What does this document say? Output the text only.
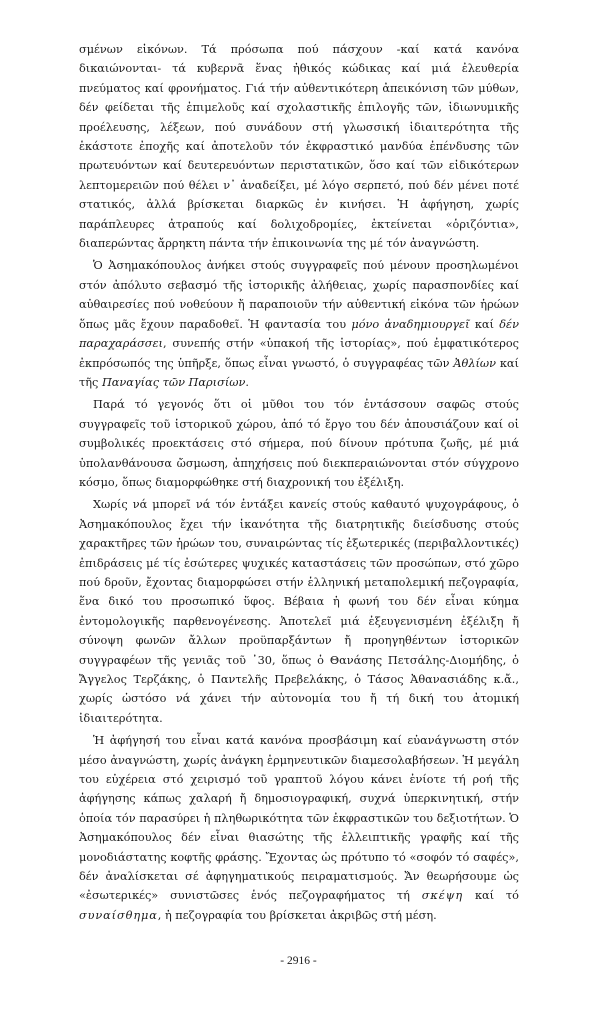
σμένων εἰκόνων. Τά πρόσωπα πού πάσχουν -καί κατά κανόνα δικαιώνονται- τά κυβερνᾶ ἕνας ἠθικός κώδικας καί μιά ἐλευθερία πνεύματος καί φρονήματος. Γιά τήν αὐθεντικότερη ἀπεικόνιση τῶν μύθων, δέν φείδεται τῆς ἐπιμελοῦς καί σχολαστικῆς ἐπιλογῆς τῶν, ἰδιωνυμικῆς προέλευσης, λέξεων, πού συνάδουν στή γλωσσική ἰδιαιτερότητα τῆς ἑκάστοτε ἐποχῆς καί ἀποτελοῦν τόν ἐκφραστικό μανδύα ἐπένδυσης τῶν πρωτευόντων καί δευτερευόντων περιστατικῶν, ὅσο καί τῶν εἰδικότερων λεπτομερειῶν πού θέλει ν᾿ ἀναδείξει, μέ λόγο σερπετό, πού δέν μένει ποτέ στατικός, ἀλλά βρίσκεται διαρκῶς ἐν κινήσει. Ἡ ἀφήγηση, χωρίς παράπλευρες ἀτραπούς καί δολιχοδρομίες, ἐκτείνεται «ὁριζόντια», διαπερώντας ἄρρηκτη πάντα τήν ἐπικοινωνία της μέ τόν ἀναγνώστη.

Ὁ Ἀσημακόπουλος ἀνήκει στούς συγγραφεῖς πού μένουν προσηλωμένοι στόν ἀπόλυτο σεβασμό τῆς ἱστορικῆς ἀλήθειας, χωρίς παρασπονδίες καί αὐθαιρεσίες πού νοθεύουν ἤ παραποιοῦν τήν αὐθεντική εἰκόνα τῶν ἡρώων ὅπως μᾶς ἔχουν παραδοθεῖ. Ἡ φαντασία του μόνο ἀναδημιουργεῖ καί δέν παραχαράσσει, συνεπής στήν «ὑπακοή τῆς ἱστορίας», πού ἐμφατικότερος ἐκπρόσωπός της ὑπῆρξε, ὅπως εἶναι γνωστό, ὁ συγγραφέας τῶν Ἀθλίων καί τῆς Παναγίας τῶν Παρισίων.

Παρά τό γεγονός ὅτι οἱ μῦθοι του τόν ἐντάσσουν σαφῶς στούς συγγραφεῖς τοῦ ἱστορικοῦ χώρου, ἀπό τό ἔργο του δέν ἀπουσιάζουν καί οἱ συμβολικές προεκτάσεις στό σήμερα, πού δίνουν πρότυπα ζωῆς, μέ μιά ὑπολανθάνουσα ὤσμωση, ἀπηχήσεις πού διεκπεραιώνονται στόν σύγχρονο κόσμο, ὅπως διαμορφώθηκε στή διαχρονική του ἐξέλιξη.

Χωρίς νά μπορεῖ νά τόν ἐντάξει κανείς στούς καθαυτό ψυχογράφους, ὁ Ἀσημακόπουλος ἔχει τήν ἱκανότητα τῆς διατρητικῆς διείσδυσης στούς χαρακτῆρες τῶν ἡρώων του, συναιρώντας τίς ἐξωτερικές (περιβαλλοντικές) ἐπιδράσεις μέ τίς ἐσώτερες ψυχικές καταστάσεις τῶν προσώπων, στό χῶρο πού δροῦν, ἔχοντας διαμορφώσει στήν ἑλληνική μεταπολεμική πεζογραφία, ἕνα δικό του προσωπικό ὕφος. Βέβαια ἡ φωνή του δέν εἶναι κύημα ἐντομολογικῆς παρθενογένεσης. Ἀποτελεῖ μιά ἐξευγενισμένη ἐξέλιξη ἤ σύνοψη φωνῶν ἄλλων προϋπαρξάντων ἤ προηγηθέντων ἱστορικῶν συγγραφέων τῆς γενιᾶς τοῦ ᾿30, ὅπως ὁ Θανάσης Πετσάλης-Διομήδης, ὁ Ἄγγελος Τερζάκης, ὁ Παντελῆς Πρεβελάκης, ὁ Τάσος Ἀθανασιάδης κ.ἄ., χωρίς ὡστόσο νά χάνει τήν αὐτονομία του ἤ τή δική του ἀτομική ἰδιαιτερότητα.

Ἡ ἀφήγησή του εἶναι κατά κανόνα προσβάσιμη καί εὐανάγνωστη στόν μέσο ἀναγνώστη, χωρίς ἀνάγκη ἑρμηνευτικῶν διαμεσολαβήσεων. Ἡ μεγάλη του εὐχέρεια στό χειρισμό τοῦ γραπτοῦ λόγου κάνει ἐνίοτε τή ροή τῆς ἀφήγησης κάπως χαλαρή ἤ δημοσιογραφική, συχνά ὑπερκινητική, στήν ὁποία τόν παρασύρει ἡ πληθωρικότητα τῶν ἐκφραστικῶν του δεξιοτήτων. Ὁ Ἀσημακόπουλος δέν εἶναι θιασώτης τῆς ἐλλειπτικῆς γραφῆς καί τῆς μονοδιάστατης κοφτῆς φράσης. Ἔχοντας ὡς πρότυπο τό «σοφόν τό σαφές», δέν ἀναλίσκεται σέ ἀφηγηματικούς πειραματισμούς. Ἄν θεωρήσουμε ὡς «ἐσωτερικές» συνιστῶσες ἑνός πεζογραφήματος τή σκέψη καί τό συναίσθημα, ἡ πεζογραφία του βρίσκεται ἀκριβῶς στή μέση.

- 2916 -
